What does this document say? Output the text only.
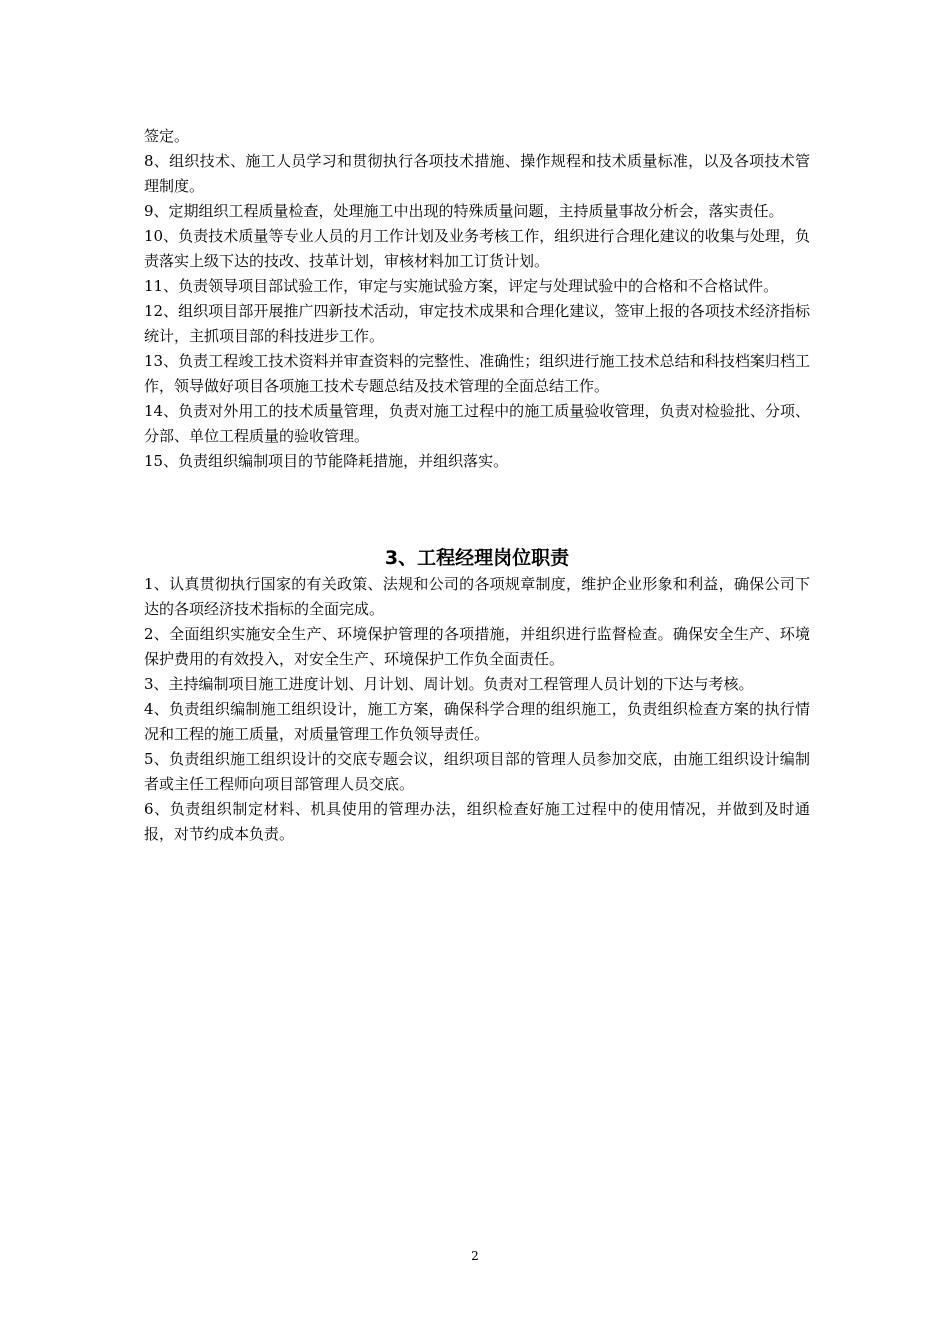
签定。

8、组织技术、施工人员学习和贯彻执行各项技术措施、操作规程和技术质量标准，以及各项技术管理制度。

9、定期组织工程质量检查，处理施工中出现的特殊质量问题，主持质量事故分析会，落实责任。

10、负责技术质量等专业人员的月工作计划及业务考核工作，组织进行合理化建议的收集与处理，负责落实上级下达的技改、技革计划，审核材料加工订货计划。

11、负责领导项目部试验工作，审定与实施试验方案，评定与处理试验中的合格和不合格试件。

12、组织项目部开展推广四新技术活动，审定技术成果和合理化建议，签审上报的各项技术经济指标统计，主抓项目部的科技进步工作。

13、负责工程竣工技术资料并审查资料的完整性、准确性；组织进行施工技术总结和科技档案归档工作，领导做好项目各项施工技术专题总结及技术管理的全面总结工作。

14、负责对外用工的技术质量管理，负责对施工过程中的施工质量验收管理，负责对检验批、分项、分部、单位工程质量的验收管理。

15、负责组织编制项目的节能降耗措施，并组织落实。

3、工程经理岗位职责

1、认真贯彻执行国家的有关政策、法规和公司的各项规章制度，维护企业形象和利益，确保公司下达的各项经济技术指标的全面完成。

2、全面组织实施安全生产、环境保护管理的各项措施，并组织进行监督检查。确保安全生产、环境保护费用的有效投入，对安全生产、环境保护工作负全面责任。

3、主持编制项目施工进度计划、月计划、周计划。负责对工程管理人员计划的下达与考核。

4、负责组织编制施工组织设计，施工方案，确保科学合理的组织施工，负责组织检查方案的执行情况和工程的施工质量，对质量管理工作负领导责任。

5、负责组织施工组织设计的交底专题会议，组织项目部的管理人员参加交底，由施工组织设计编制者或主任工程师向项目部管理人员交底。

6、负责组织制定材料、机具使用的管理办法，组织检查好施工过程中的使用情况，并做到及时通报，对节约成本负责。

2
